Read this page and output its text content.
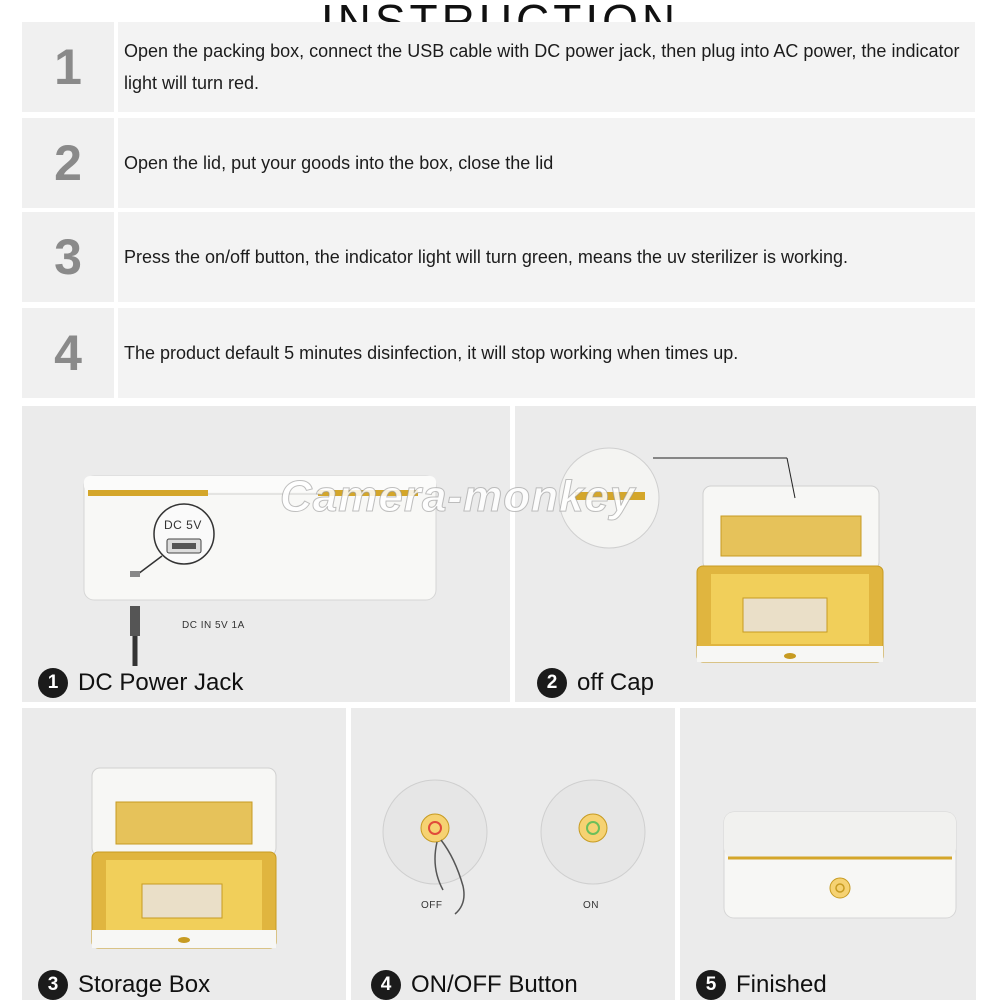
1	Open the packing box, connect the USB cable with DC power jack, then plug into AC power, the indicator light will turn red.
2	Open the lid, put your goods into the box, close the lid
3	Press the on/off button, the indicator light will turn green, means the uv sterilizer is working.
4	The product default 5 minutes disinfection, it will stop working when times up.
DC 5V
DC IN 5V 1A
1 DC Power Jack	2 off Cap
3 Storage Box
OFF	ON
4 ON/OFF Button	5 Finished
Camera-monkey
